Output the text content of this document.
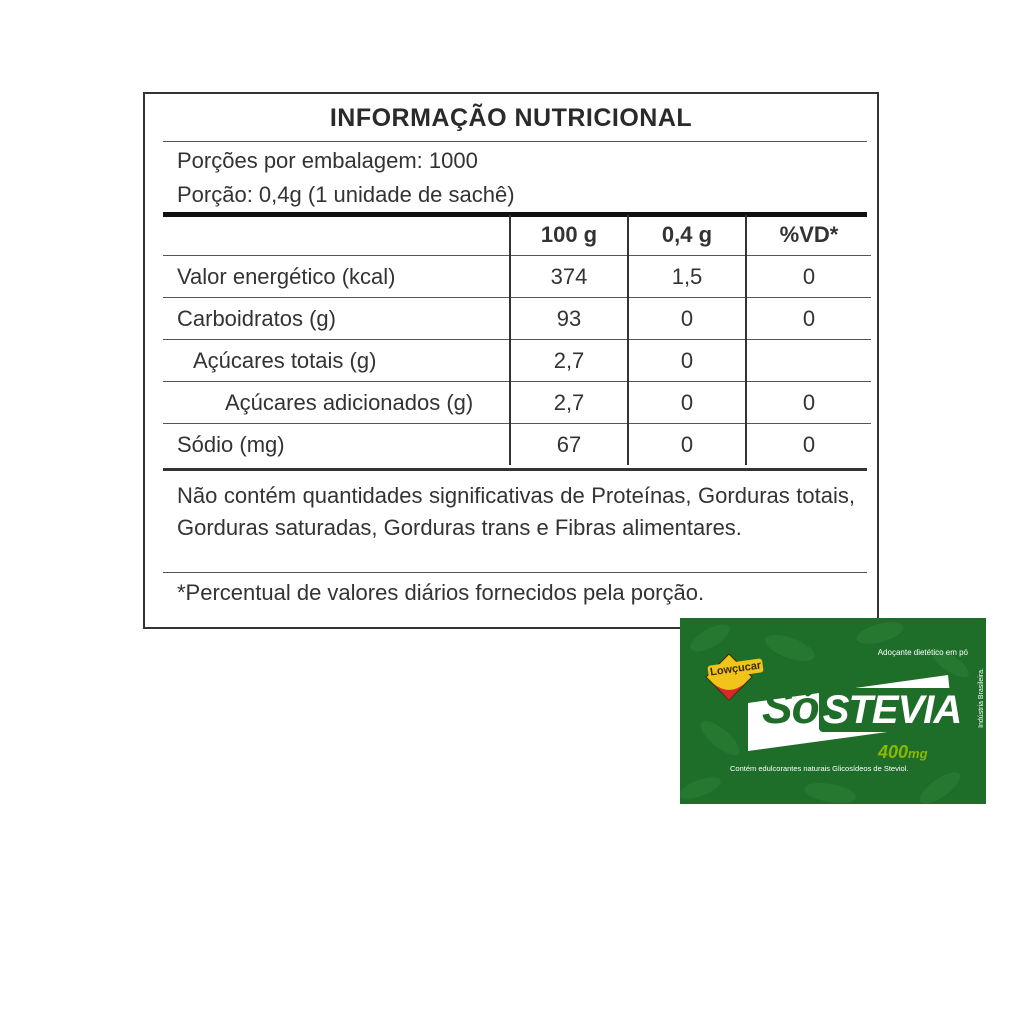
INFORMAÇÃO NUTRICIONAL
Porções por embalagem: 1000
Porção: 0,4g (1 unidade de sachê)
	100 g	0,4 g	%VD*
Valor energético (kcal)	374	1,5	0
Carboidratos (g)	93	0	0
Açúcares totais (g)	2,7	0	
Açúcares adicionados (g)	2,7	0	0
Sódio (mg)	67	0	0
Não contém quantidades significativas de Proteínas, Gorduras totais, Gorduras saturadas, Gorduras trans e Fibras alimentares.
*Percentual de valores diários fornecidos pela porção.
Lowçucar
Adoçante dietético em pó
Só STEVIA
400mg
Contém edulcorantes naturais Glicosídeos de Steviol.
Indústria Brasileira.
